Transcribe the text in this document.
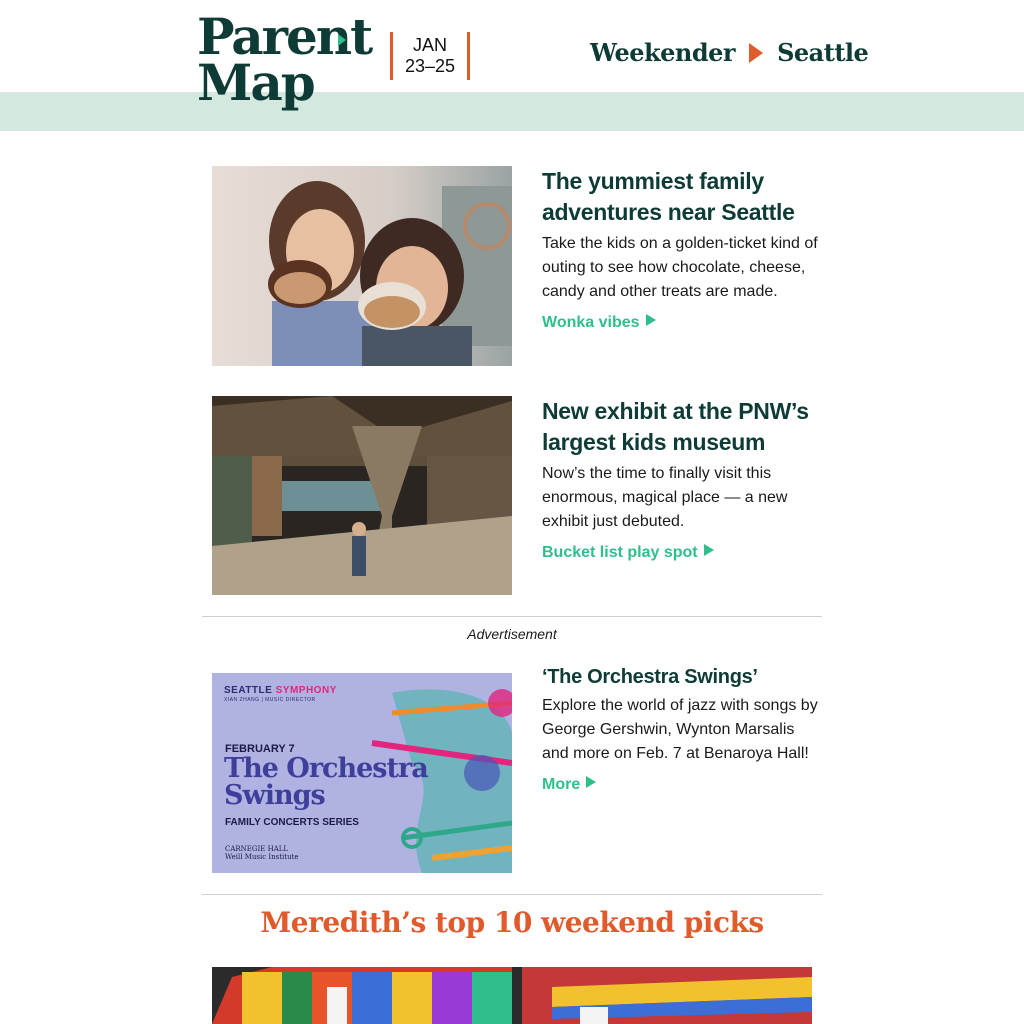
Parent
Map
JAN
23–25	Weekender Seattle
The yummiest family adventures near Seattle

Take the kids on a golden-ticket kind of outing to see how chocolate, cheese, candy and other treats are made.

Wonka vibes
New exhibit at the PNW’s largest kids museum

Now’s the time to finally visit this enormous, magical place — a new exhibit just debuted.

Bucket list play spot
Advertisement
SEATTLE SYMPHONY
XIAN ZHANG | MUSIC DIRECTOR
FEBRUARY 7
The Orchestra
Swings
FAMILY CONCERTS SERIES
CARNEGIE HALL
Weill Music Institute
‘The Orchestra Swings’

Explore the world of jazz with songs by George Gershwin, Wynton Marsalis and more on Feb. 7 at Benaroya Hall!

More
Meredith’s top 10 weekend picks
